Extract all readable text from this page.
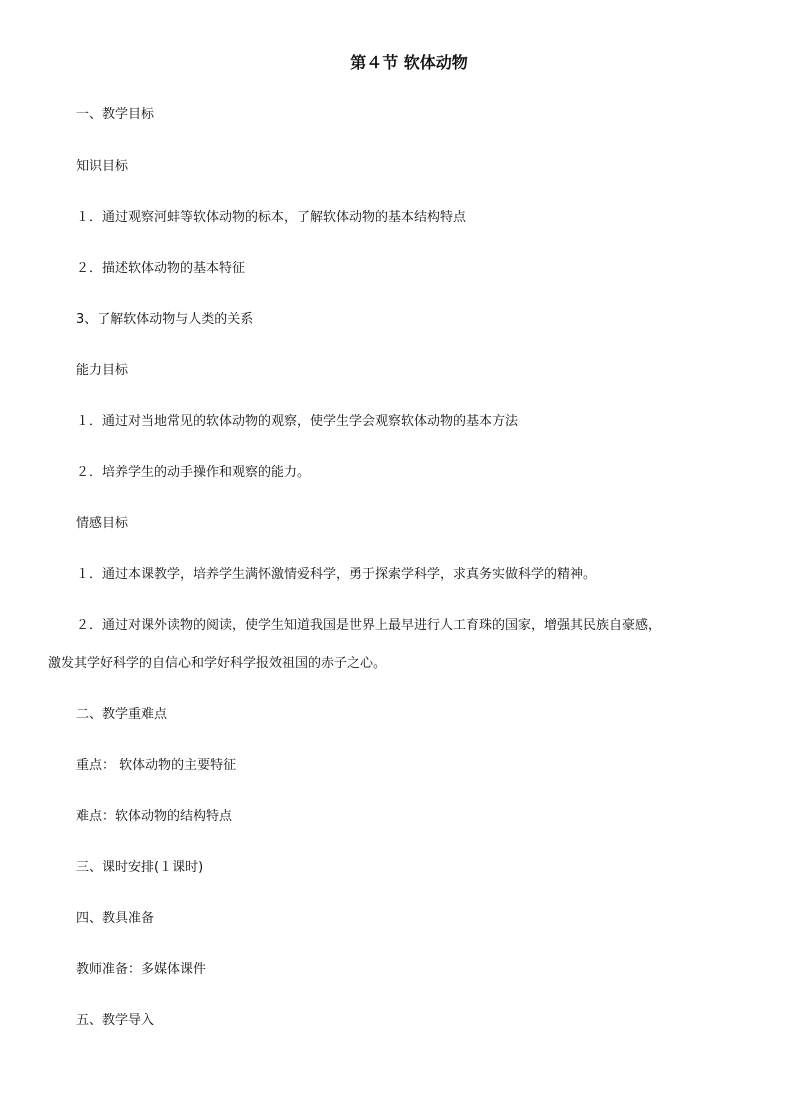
第４节 软体动物

一、教学目标

知识目标

１．通过观察河蚌等软体动物的标本，了解软体动物的基本结构特点

２．描述软体动物的基本特征

3、了解软体动物与人类的关系

能力目标

１．通过对当地常见的软体动物的观察，使学生学会观察软体动物的基本方法

２．培养学生的动手操作和观察的能力。

情感目标

１．通过本课教学，培养学生满怀激情爱科学，勇于探索学科学，求真务实做科学的精神。

２．通过对课外读物的阅读，使学生知道我国是世界上最早进行人工育珠的国家，增强其民族自豪感，

激发其学好科学的自信心和学好科学报效祖国的赤子之心。

二、教学重难点

重点： 软体动物的主要特征

难点：软体动物的结构特点

三、课时安排(１课时)

四、教具准备

教师准备：多媒体课件

五、教学导入
